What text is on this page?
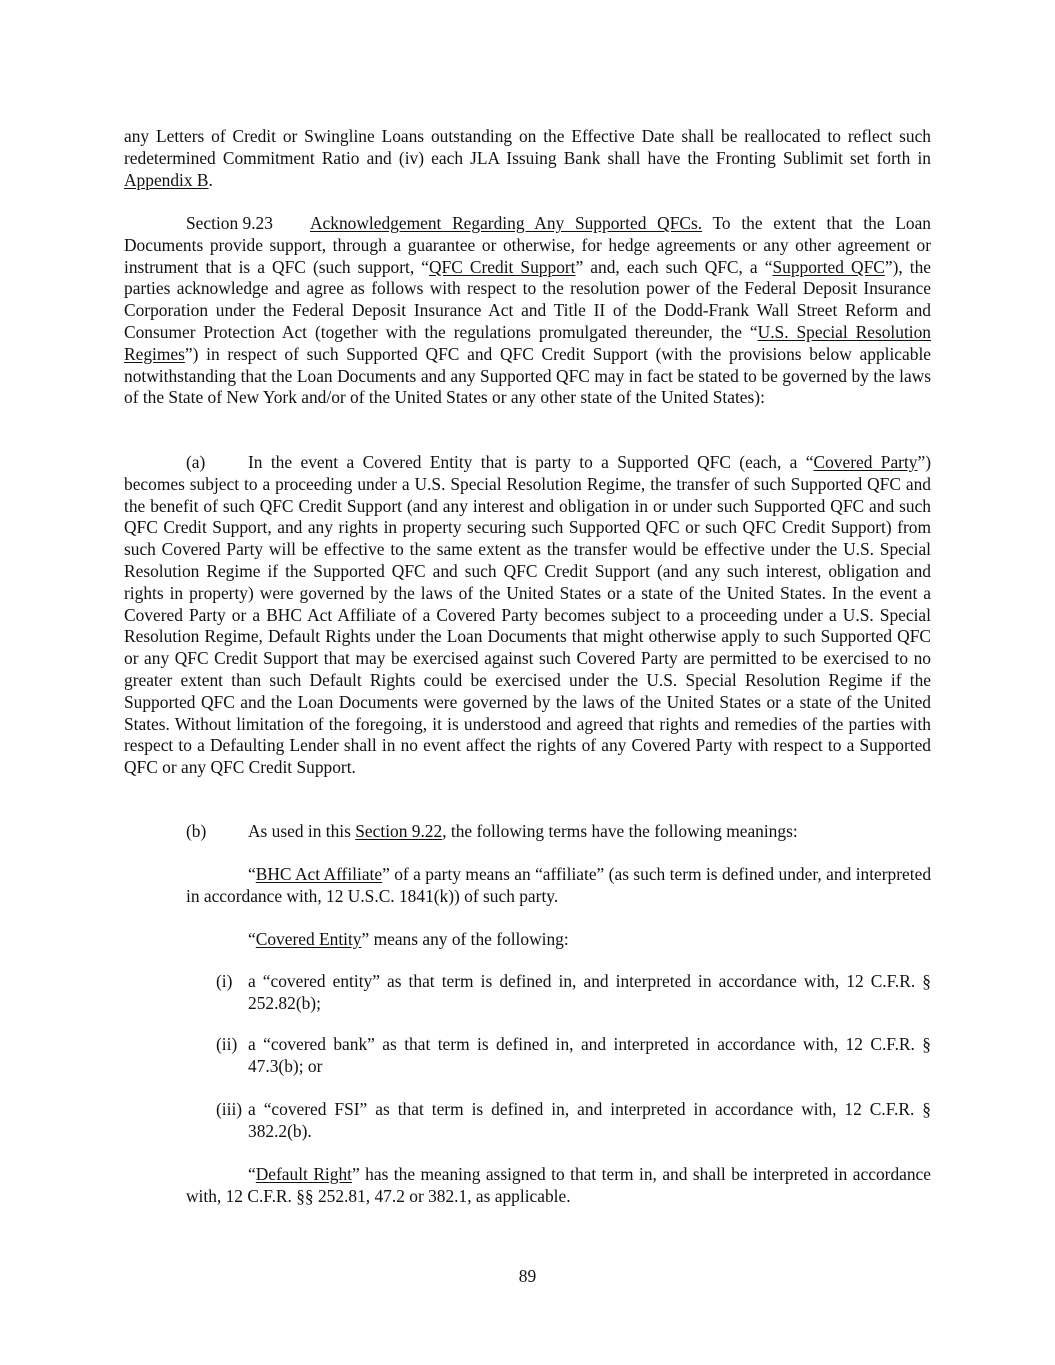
any Letters of Credit or Swingline Loans outstanding on the Effective Date shall be reallocated to reflect such redetermined Commitment Ratio and (iv) each JLA Issuing Bank shall have the Fronting Sublimit set forth in Appendix B.

Section 9.23 Acknowledgement Regarding Any Supported QFCs. To the extent that the Loan Documents provide support, through a guarantee or otherwise, for hedge agreements or any other agreement or instrument that is a QFC (such support, “QFC Credit Support” and, each such QFC, a “Supported QFC”), the parties acknowledge and agree as follows with respect to the resolution power of the Federal Deposit Insurance Corporation under the Federal Deposit Insurance Act and Title II of the Dodd-Frank Wall Street Reform and Consumer Protection Act (together with the regulations promulgated thereunder, the “U.S. Special Resolution Regimes”) in respect of such Supported QFC and QFC Credit Support (with the provisions below applicable notwithstanding that the Loan Documents and any Supported QFC may in fact be stated to be governed by the laws of the State of New York and/or of the United States or any other state of the United States):

(a) In the event a Covered Entity that is party to a Supported QFC (each, a “Covered Party”) becomes subject to a proceeding under a U.S. Special Resolution Regime, the transfer of such Supported QFC and the benefit of such QFC Credit Support (and any interest and obligation in or under such Supported QFC and such QFC Credit Support, and any rights in property securing such Supported QFC or such QFC Credit Support) from such Covered Party will be effective to the same extent as the transfer would be effective under the U.S. Special Resolution Regime if the Supported QFC and such QFC Credit Support (and any such interest, obligation and rights in property) were governed by the laws of the United States or a state of the United States. In the event a Covered Party or a BHC Act Affiliate of a Covered Party becomes subject to a proceeding under a U.S. Special Resolution Regime, Default Rights under the Loan Documents that might otherwise apply to such Supported QFC or any QFC Credit Support that may be exercised against such Covered Party are permitted to be exercised to no greater extent than such Default Rights could be exercised under the U.S. Special Resolution Regime if the Supported QFC and the Loan Documents were governed by the laws of the United States or a state of the United States. Without limitation of the foregoing, it is understood and agreed that rights and remedies of the parties with respect to a Defaulting Lender shall in no event affect the rights of any Covered Party with respect to a Supported QFC or any QFC Credit Support.

(b) As used in this Section 9.22, the following terms have the following meanings:

“BHC Act Affiliate” of a party means an “affiliate” (as such term is defined under, and interpreted in accordance with, 12 U.S.C. 1841(k)) of such party.

“Covered Entity” means any of the following:

(i) a “covered entity” as that term is defined in, and interpreted in accordance with, 12 C.F.R. § 252.82(b);
(ii) a “covered bank” as that term is defined in, and interpreted in accordance with, 12 C.F.R. § 47.3(b); or
(iii) a “covered FSI” as that term is defined in, and interpreted in accordance with, 12 C.F.R. § 382.2(b).

“Default Right” has the meaning assigned to that term in, and shall be interpreted in accordance with, 12 C.F.R. §§ 252.81, 47.2 or 382.1, as applicable.

89
